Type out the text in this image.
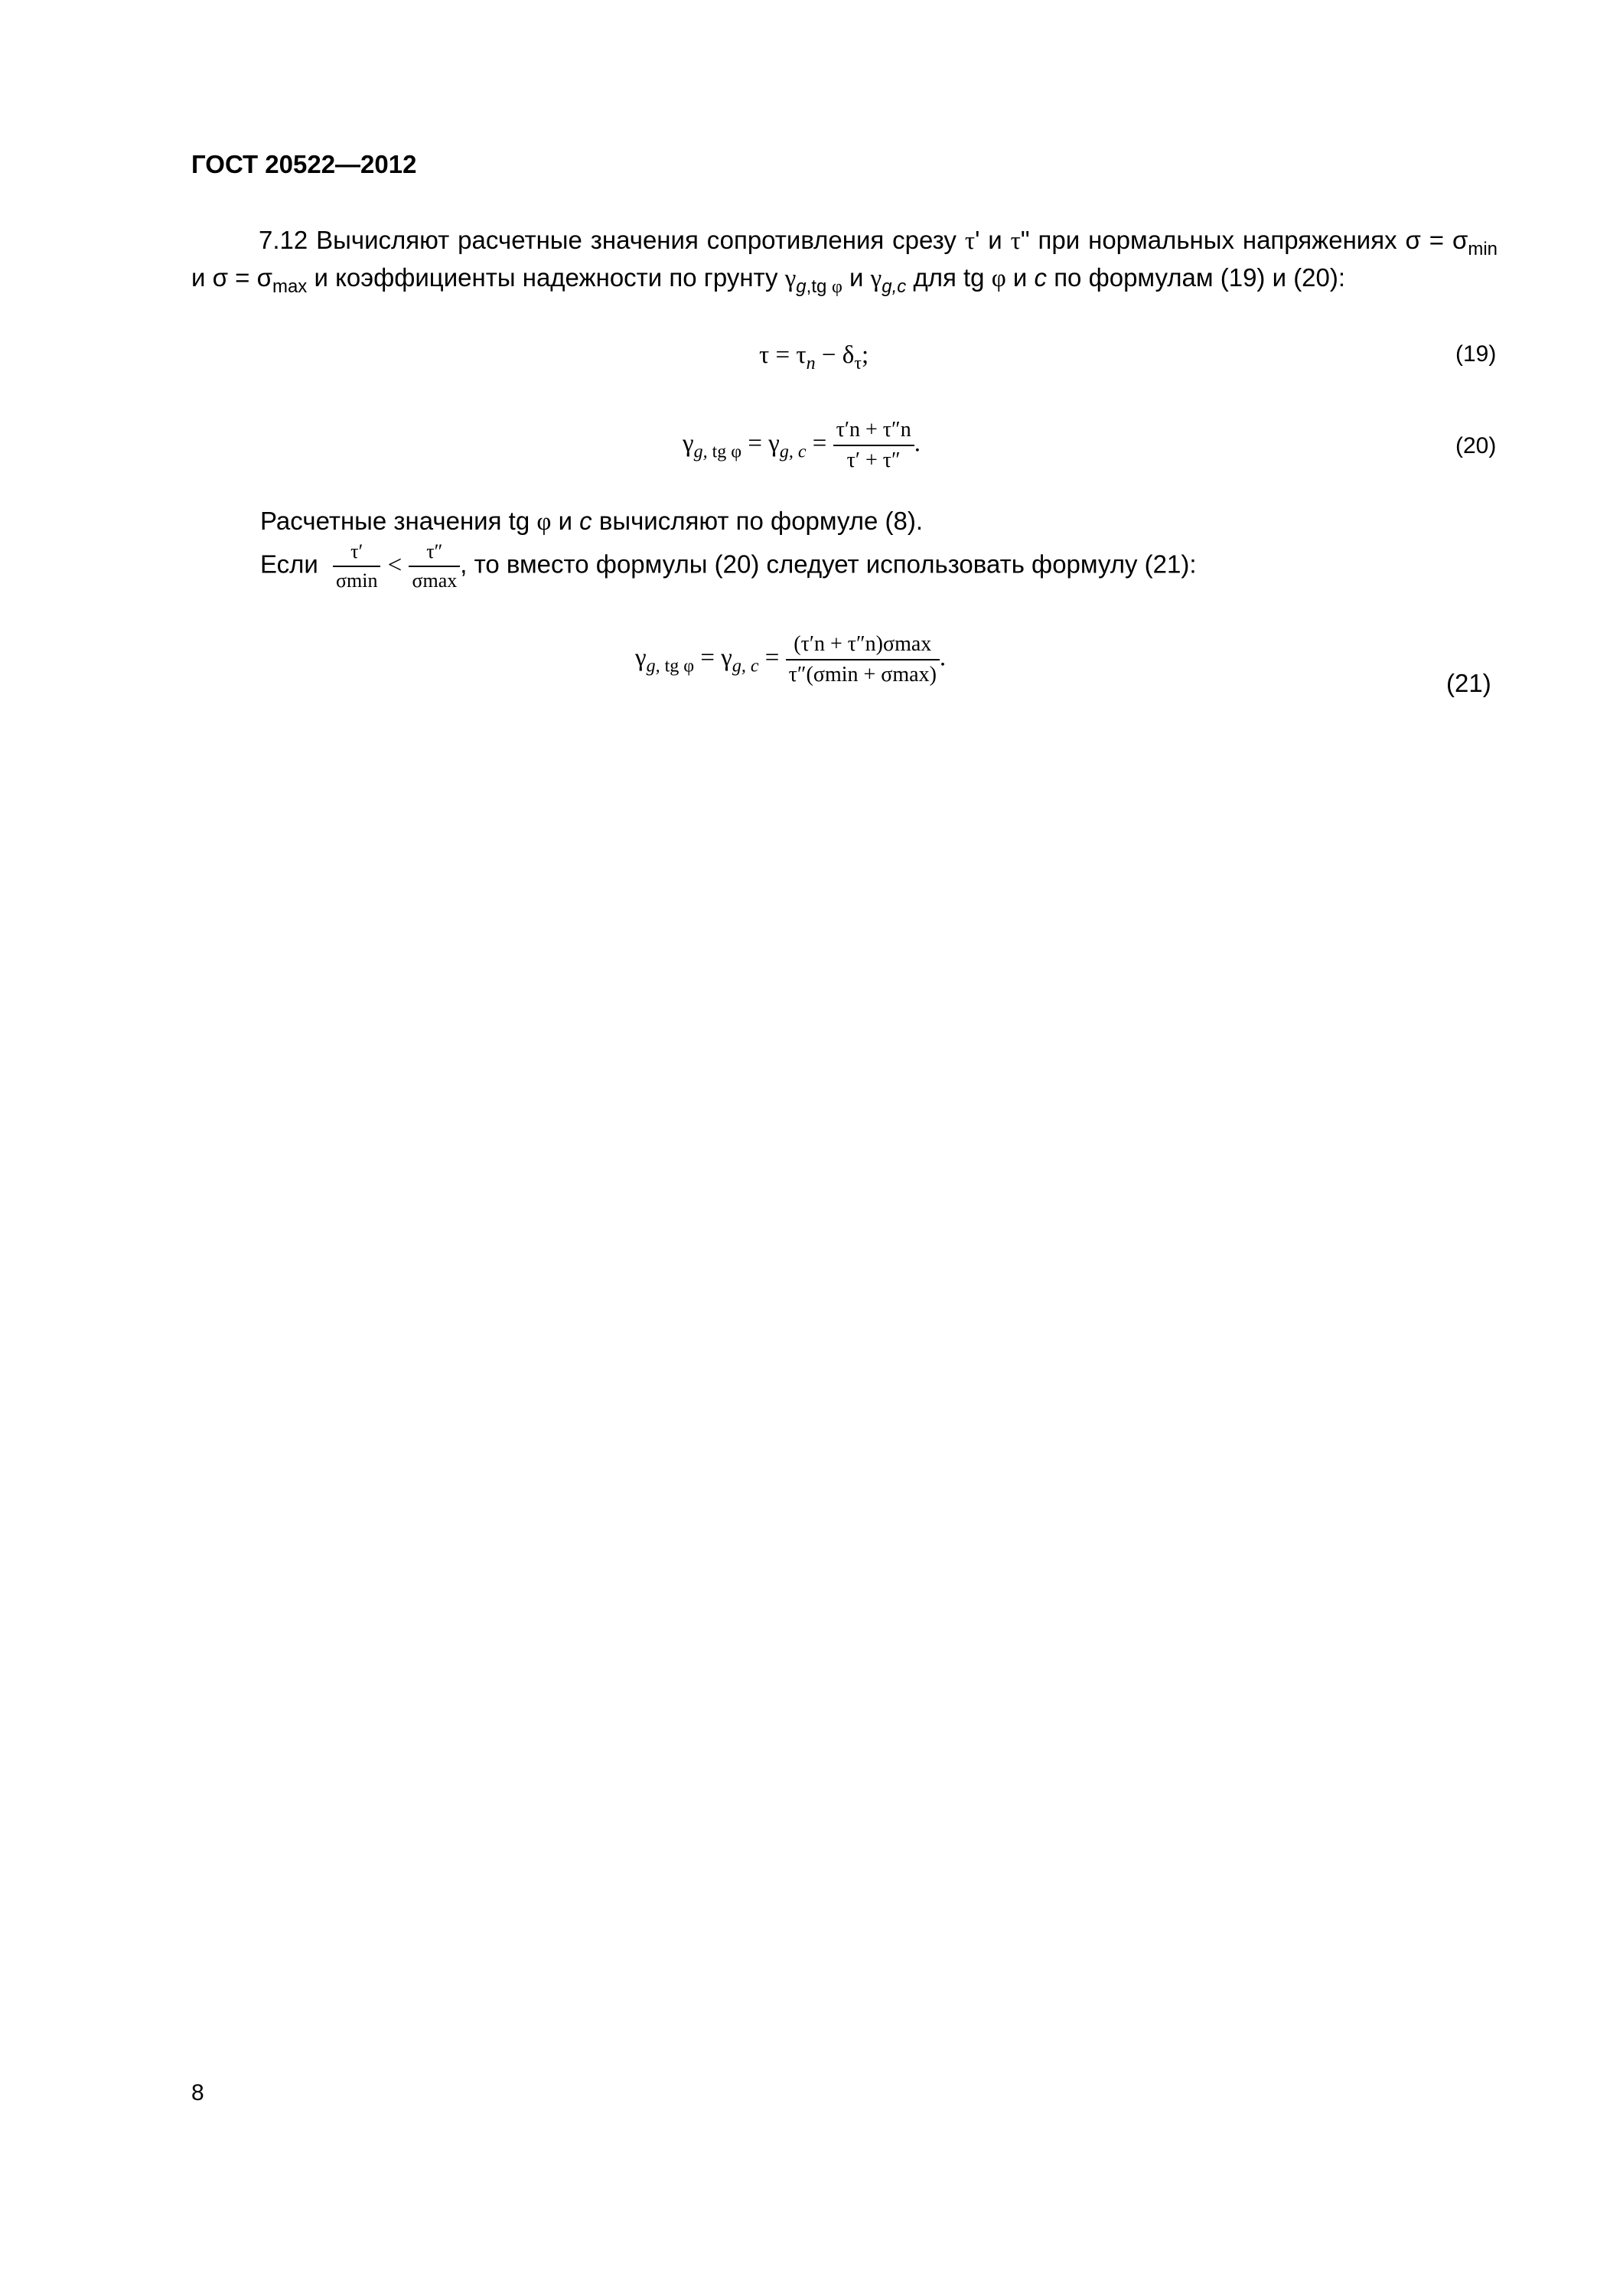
ГОСТ 20522—2012
7.12 Вычисляют расчетные значения сопротивления срезу τ' и τ" при нормальных напряжениях $\sigma = \sigma_{min}$ и $\sigma = \sigma_{max}$ и коэффициенты надежности по грунту $\gamma_{g,tg \varphi}$ и $\gamma_{g,c}$ для tg φ и c по формулам (19) и (20):
$\tau = \tau_n - \delta_\tau$;	(19)
$\gamma_{g, tg \varphi} = \gamma_{g, c} = \frac{\tau'n + \tau''n}{\tau' + \tau''}$ .	(20)
Расчетные значения tg φ и c вычисляют по формуле (8).
Если $\frac{\tau'}{\sigma\min} < \frac{\tau''}{\sigma\max}$ , то вместо формулы (20) следует использовать формулу (21):
$\gamma_{g, tg \varphi} = \gamma_{g, c} = \frac{(\tau'n + \tau''n)\sigma\max}{\tau''(\sigma\min + \sigma\max)}$ .
(21)
8
